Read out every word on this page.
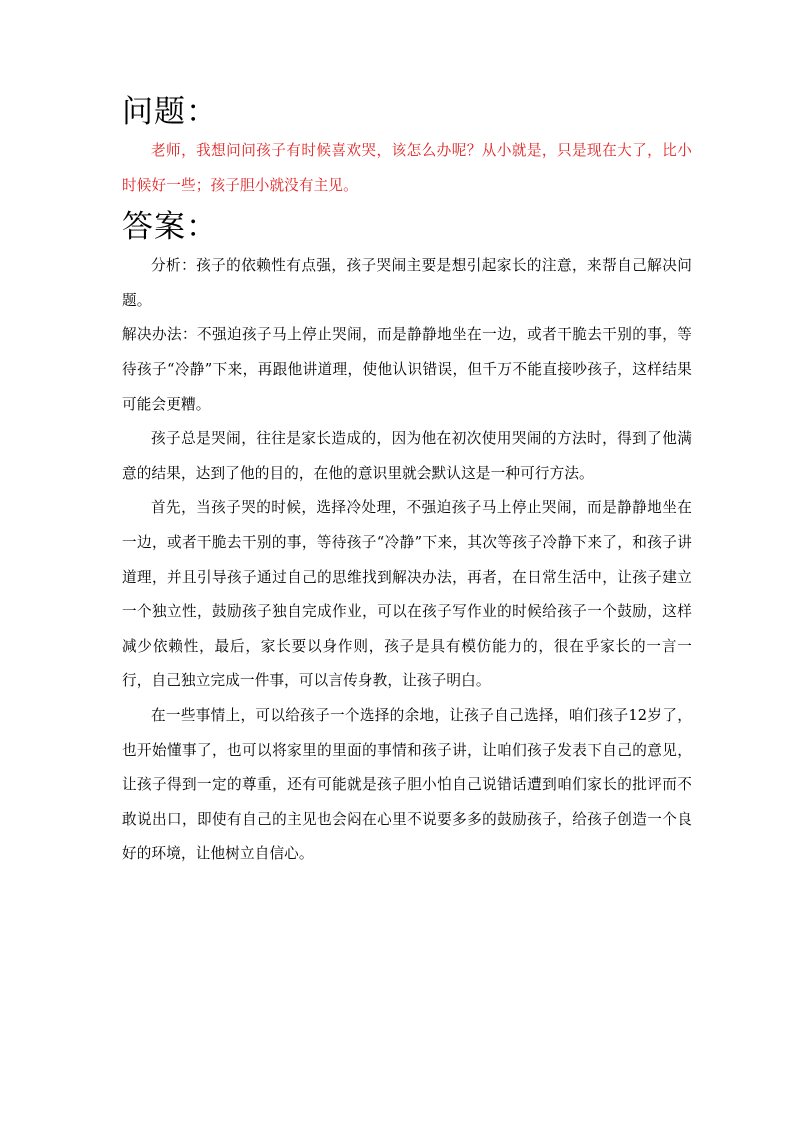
问题：

老师，我想问问孩子有时候喜欢哭，该怎么办呢？从小就是，只是现在大了，比小时候好一些；孩子胆小就没有主见。

答案：

分析：孩子的依赖性有点强，孩子哭闹主要是想引起家长的注意，来帮自己解决问题。

解决办法：不强迫孩子马上停止哭闹，而是静静地坐在一边，或者干脆去干别的事，等待孩子“冷静”下来，再跟他讲道理，使他认识错误，但千万不能直接吵孩子，这样结果可能会更糟。

孩子总是哭闹，往往是家长造成的，因为他在初次使用哭闹的方法时，得到了他满意的结果，达到了他的目的，在他的意识里就会默认这是一种可行方法。

首先，当孩子哭的时候，选择冷处理，不强迫孩子马上停止哭闹，而是静静地坐在一边，或者干脆去干别的事，等待孩子“冷静”下来，其次等孩子冷静下来了，和孩子讲道理，并且引导孩子通过自己的思维找到解决办法，再者，在日常生活中，让孩子建立一个独立性，鼓励孩子独自完成作业，可以在孩子写作业的时候给孩子一个鼓励，这样减少依赖性，最后，家长要以身作则，孩子是具有模仿能力的，很在乎家长的一言一行，自己独立完成一件事，可以言传身教，让孩子明白。

在一些事情上，可以给孩子一个选择的余地，让孩子自己选择，咱们孩子12岁了，也开始懂事了，也可以将家里的里面的事情和孩子讲，让咱们孩子发表下自己的意见，让孩子得到一定的尊重，还有可能就是孩子胆小怕自己说错话遭到咱们家长的批评而不敢说出口，即使有自己的主见也会闷在心里不说要多多的鼓励孩子，给孩子创造一个良好的环境，让他树立自信心。
